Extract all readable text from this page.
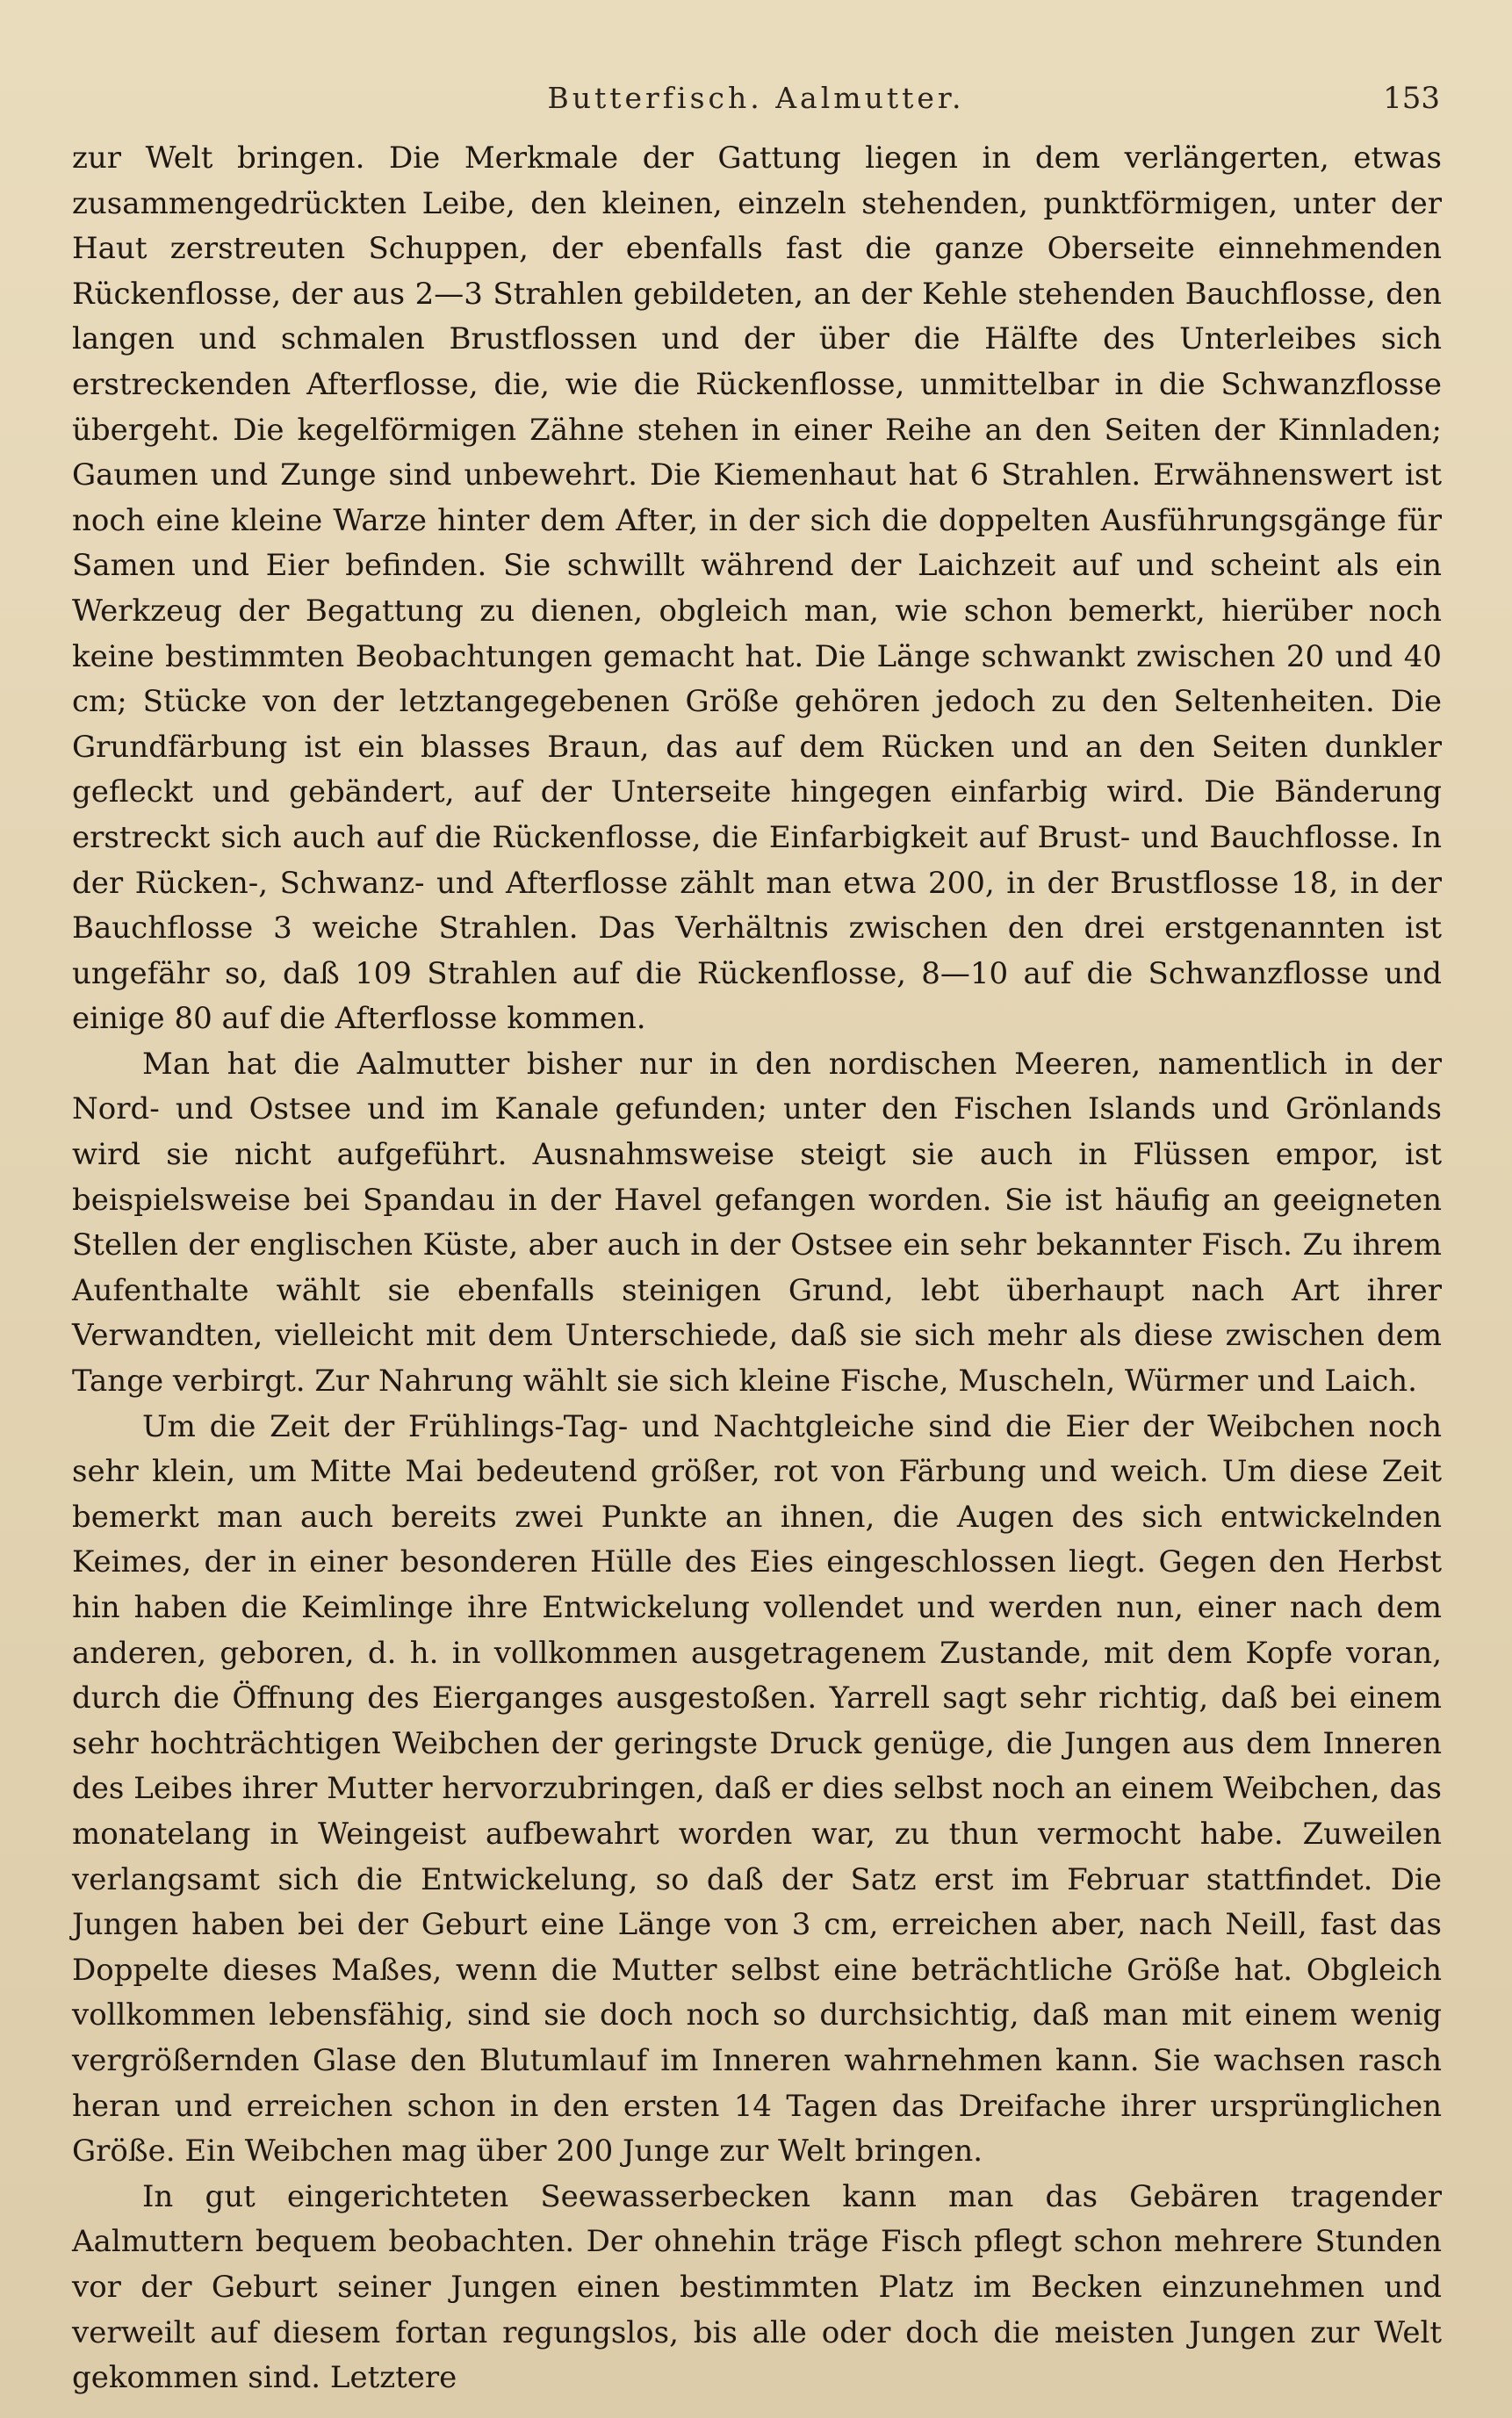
Butterfisch. Aalmutter.	153

zur Welt bringen. Die Merkmale der Gattung liegen in dem verlängerten, etwas zusammengedrückten Leibe, den kleinen, einzeln stehenden, punktförmigen, unter der Haut zerstreuten Schuppen, der ebenfalls fast die ganze Oberseite einnehmenden Rückenflosse, der aus 2—3 Strahlen gebildeten, an der Kehle stehenden Bauchflosse, den langen und schmalen Brustflossen und der über die Hälfte des Unterleibes sich erstreckenden Afterflosse, die, wie die Rückenflosse, unmittelbar in die Schwanzflosse übergeht. Die kegelförmigen Zähne stehen in einer Reihe an den Seiten der Kinnladen; Gaumen und Zunge sind unbewehrt. Die Kiemenhaut hat 6 Strahlen. Erwähnenswert ist noch eine kleine Warze hinter dem After, in der sich die doppelten Ausführungsgänge für Samen und Eier befinden. Sie schwillt während der Laichzeit auf und scheint als ein Werkzeug der Begattung zu dienen, obgleich man, wie schon bemerkt, hierüber noch keine bestimmten Beobachtungen gemacht hat. Die Länge schwankt zwischen 20 und 40 cm; Stücke von der letztangegebenen Größe gehören jedoch zu den Seltenheiten. Die Grundfärbung ist ein blasses Braun, das auf dem Rücken und an den Seiten dunkler gefleckt und gebändert, auf der Unterseite hingegen einfarbig wird. Die Bänderung erstreckt sich auch auf die Rückenflosse, die Einfarbigkeit auf Brust- und Bauchflosse. In der Rücken-, Schwanz- und Afterflosse zählt man etwa 200, in der Brustflosse 18, in der Bauchflosse 3 weiche Strahlen. Das Verhältnis zwischen den drei erstgenannten ist ungefähr so, daß 109 Strahlen auf die Rückenflosse, 8—10 auf die Schwanzflosse und einige 80 auf die Afterflosse kommen.

Man hat die Aalmutter bisher nur in den nordischen Meeren, namentlich in der Nord- und Ostsee und im Kanale gefunden; unter den Fischen Islands und Grönlands wird sie nicht aufgeführt. Ausnahmsweise steigt sie auch in Flüssen empor, ist beispielsweise bei Spandau in der Havel gefangen worden. Sie ist häufig an geeigneten Stellen der englischen Küste, aber auch in der Ostsee ein sehr bekannter Fisch. Zu ihrem Aufenthalte wählt sie ebenfalls steinigen Grund, lebt überhaupt nach Art ihrer Verwandten, vielleicht mit dem Unterschiede, daß sie sich mehr als diese zwischen dem Tange verbirgt. Zur Nahrung wählt sie sich kleine Fische, Muscheln, Würmer und Laich.

Um die Zeit der Frühlings-Tag- und Nachtgleiche sind die Eier der Weibchen noch sehr klein, um Mitte Mai bedeutend größer, rot von Färbung und weich. Um diese Zeit bemerkt man auch bereits zwei Punkte an ihnen, die Augen des sich entwickelnden Keimes, der in einer besonderen Hülle des Eies eingeschlossen liegt. Gegen den Herbst hin haben die Keimlinge ihre Entwickelung vollendet und werden nun, einer nach dem anderen, geboren, d. h. in vollkommen ausgetragenem Zustande, mit dem Kopfe voran, durch die Öffnung des Eierganges ausgestoßen. Yarrell sagt sehr richtig, daß bei einem sehr hochträchtigen Weibchen der geringste Druck genüge, die Jungen aus dem Inneren des Leibes ihrer Mutter hervorzubringen, daß er dies selbst noch an einem Weibchen, das monatelang in Weingeist aufbewahrt worden war, zu thun vermocht habe. Zuweilen verlangsamt sich die Entwickelung, so daß der Satz erst im Februar stattfindet. Die Jungen haben bei der Geburt eine Länge von 3 cm, erreichen aber, nach Neill, fast das Doppelte dieses Maßes, wenn die Mutter selbst eine beträchtliche Größe hat. Obgleich vollkommen lebensfähig, sind sie doch noch so durchsichtig, daß man mit einem wenig vergrößernden Glase den Blutumlauf im Inneren wahrnehmen kann. Sie wachsen rasch heran und erreichen schon in den ersten 14 Tagen das Dreifache ihrer ursprünglichen Größe. Ein Weibchen mag über 200 Junge zur Welt bringen.

In gut eingerichteten Seewasserbecken kann man das Gebären tragender Aalmuttern bequem beobachten. Der ohnehin träge Fisch pflegt schon mehrere Stunden vor der Geburt seiner Jungen einen bestimmten Platz im Becken einzunehmen und verweilt auf diesem fortan regungslos, bis alle oder doch die meisten Jungen zur Welt gekommen sind. Letztere
